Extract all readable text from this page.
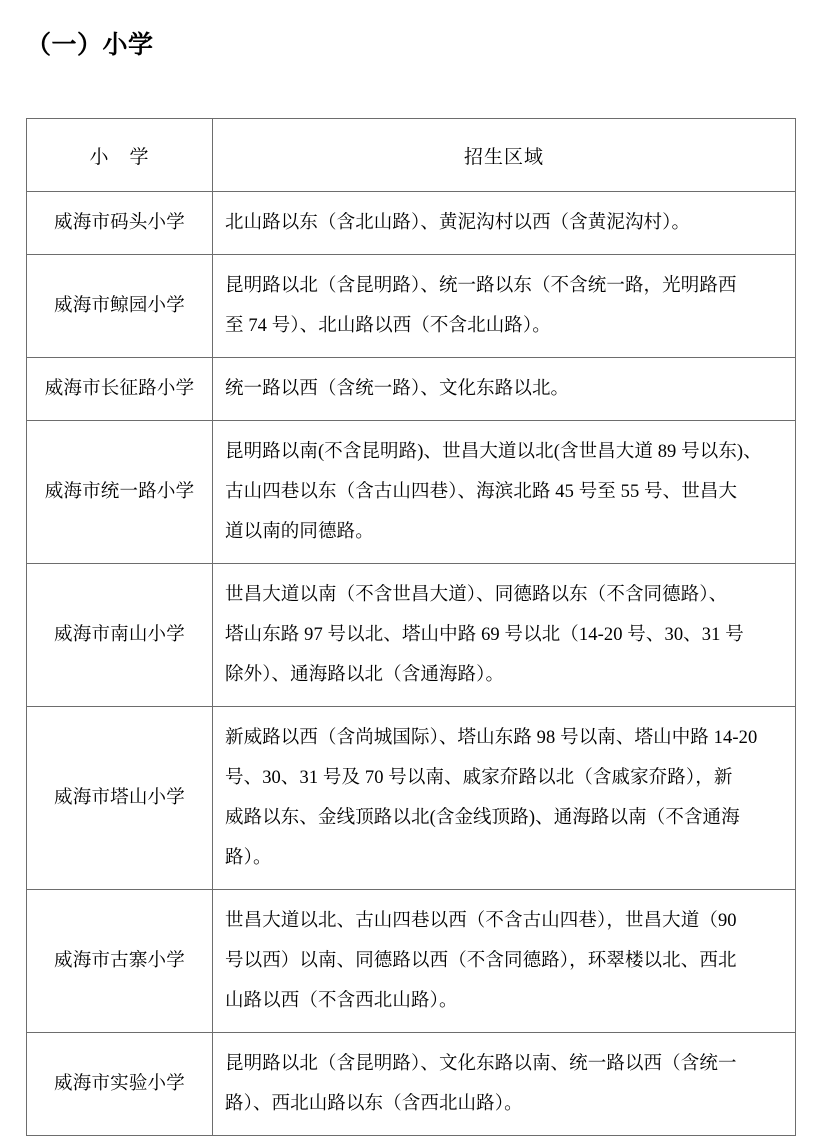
（一）小学
小　学	招生区域
威海市码头小学	北山路以东（含北山路）、黄泥沟村以西（含黄泥沟村）。

威海市鲸园小学	昆明路以北（含昆明路）、统一路以东（不含统一路，光明路西
至 74 号）、北山路以西（不含北山路）。

威海市长征路小学	统一路以西（含统一路）、文化东路以北。

威海市统一路小学	昆明路以南(不含昆明路)、世昌大道以北(含世昌大道 89 号以东)、
古山四巷以东（含古山四巷）、海滨北路 45 号至 55 号、世昌大
道以南的同德路。

威海市南山小学	世昌大道以南（不含世昌大道）、同德路以东（不含同德路）、
塔山东路 97 号以北、塔山中路 69 号以北（14-20 号、30、31 号
除外）、通海路以北（含通海路）。

威海市塔山小学	新威路以西（含尚城国际）、塔山东路 98 号以南、塔山中路 14-20
号、30、31 号及 70 号以南、戚家夼路以北（含戚家夼路），新
威路以东、金线顶路以北(含金线顶路)、通海路以南（不含通海
路）。

威海市古寨小学	世昌大道以北、古山四巷以西（不含古山四巷），世昌大道（90
号以西）以南、同德路以西（不含同德路），环翠楼以北、西北
山路以西（不含西北山路）。

威海市实验小学	昆明路以北（含昆明路）、文化东路以南、统一路以西（含统一
路）、西北山路以东（含西北山路）。
